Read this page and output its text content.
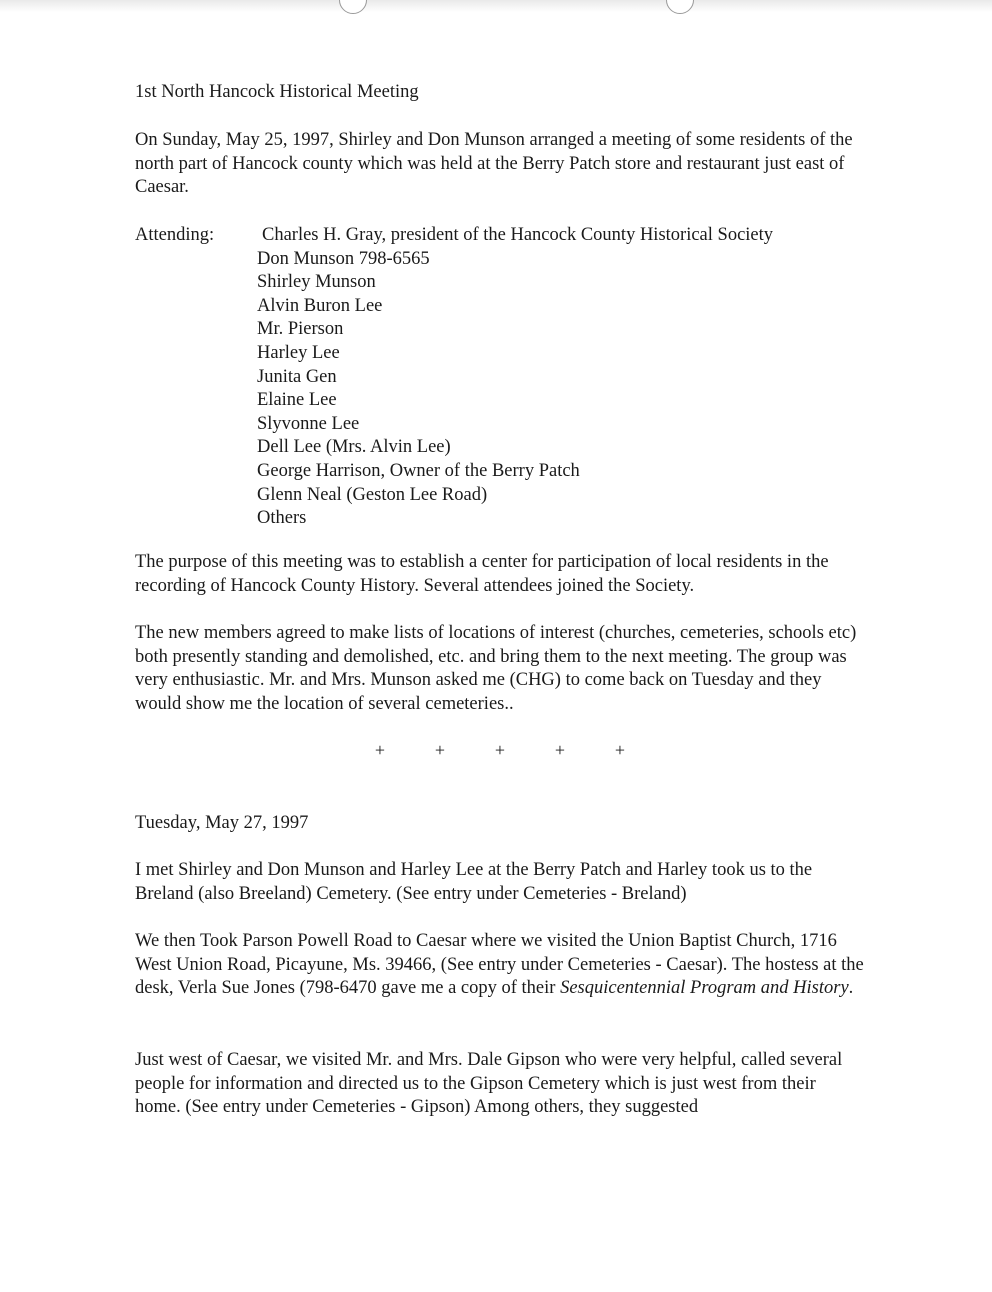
1st North Hancock Historical Meeting

On Sunday, May 25, 1997, Shirley and Don Munson arranged a meeting of some residents of the north part of Hancock county which was held at the Berry Patch store and restaurant just east of Caesar.

Attending:	Charles H. Gray, president of the Hancock County Historical Society
Don Munson 798-6565
Shirley Munson
Alvin Buron Lee
Mr. Pierson
Harley Lee
Junita Gen
Elaine Lee
Slyvonne Lee
Dell Lee (Mrs. Alvin Lee)
George Harrison, Owner of the Berry Patch
Glenn Neal (Geston Lee Road)
Others

The purpose of this meeting was to establish a center for participation of local residents in the recording of Hancock County History. Several attendees joined the Society.

The new members agreed to make lists of locations of interest (churches, cemeteries, schools etc) both presently standing and demolished, etc. and bring them to the next meeting. The group was very enthusiastic. Mr. and Mrs. Munson asked me (CHG) to come back on Tuesday and they would show me the location of several cemeteries..

+	+	+	+	+

Tuesday, May 27, 1997

I met Shirley and Don Munson and Harley Lee at the Berry Patch and Harley took us to the Breland (also Breeland) Cemetery. (See entry under Cemeteries - Breland)

We then Took Parson Powell Road to Caesar where we visited the Union Baptist Church, 1716 West Union Road, Picayune, Ms. 39466, (See entry under Cemeteries - Caesar). The hostess at the desk, Verla Sue Jones (798-6470 gave me a copy of their Sesquicentennial Program and History.

Just west of Caesar, we visited Mr. and Mrs. Dale Gipson who were very helpful, called several people for information and directed us to the Gipson Cemetery which is just west from their home. (See entry under Cemeteries - Gipson) Among others, they suggested
